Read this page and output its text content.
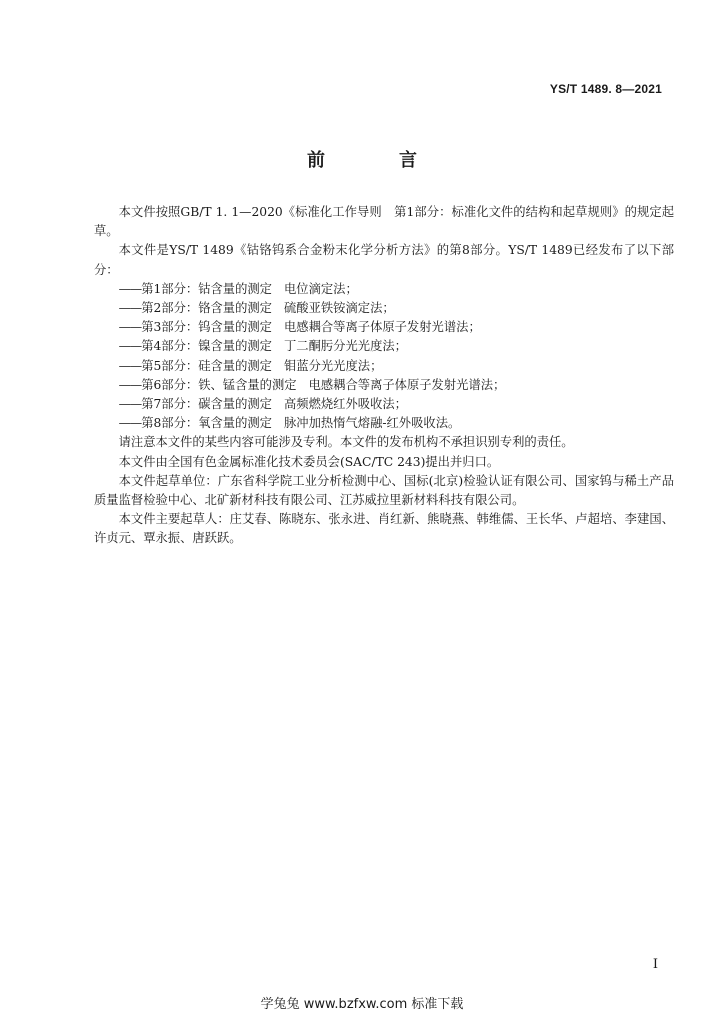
YS/T 1489. 8—2021
前　言

本文件按照GB/T 1. 1—2020《标准化工作导则　第1部分：标准化文件的结构和起草规则》的规定起草。

本文件是YS/T 1489《钴铬钨系合金粉末化学分析方法》的第8部分。YS/T 1489已经发布了以下部分：

——第1部分：钴含量的测定 电位滴定法；
——第2部分：铬含量的测定 硫酸亚铁铵滴定法；
——第3部分：钨含量的测定 电感耦合等离子体原子发射光谱法；
——第4部分：镍含量的测定 丁二酮肟分光光度法；
——第5部分：硅含量的测定 钼蓝分光光度法；
——第6部分：铁、锰含量的测定 电感耦合等离子体原子发射光谱法；
——第7部分：碳含量的测定 高频燃烧红外吸收法；
——第8部分：氧含量的测定 脉冲加热惰气熔融-红外吸收法。

请注意本文件的某些内容可能涉及专利。本文件的发布机构不承担识别专利的责任。

本文件由全国有色金属标准化技术委员会(SAC/TC 243)提出并归口。

本文件起草单位：广东省科学院工业分析检测中心、国标(北京)检验认证有限公司、国家钨与稀土产品质量监督检验中心、北矿新材科技有限公司、江苏威拉里新材料科技有限公司。

本文件主要起草人：庄艾春、陈晓东、张永进、肖红新、熊晓燕、韩维儒、王长华、卢超培、李建国、许贞元、覃永振、唐跃跃。

I
学兔兔 www.bzfxw.com 标准下载
